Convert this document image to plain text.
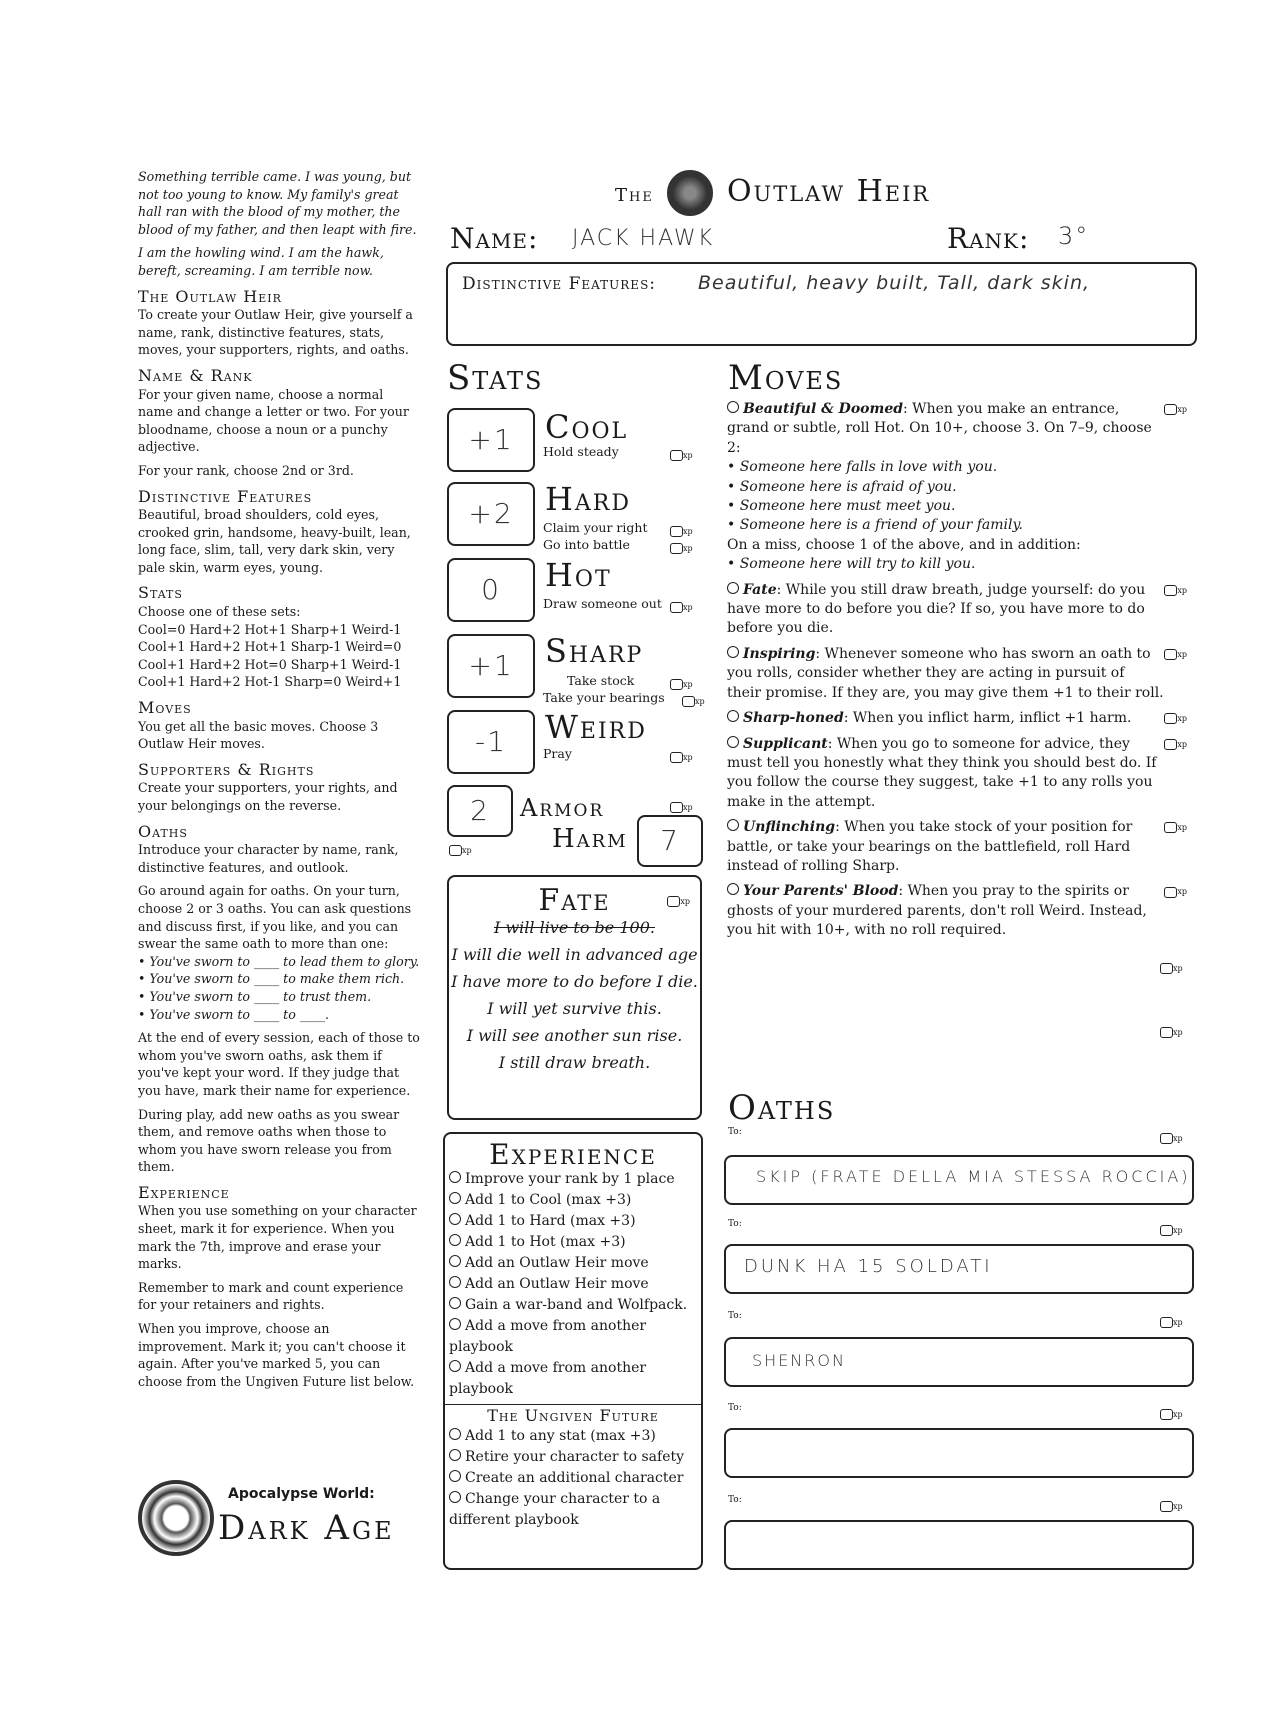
Something terrible came. I was young, but not too young to know. My family's great hall ran with the blood of my mother, the blood of my father, and then leapt with fire.

I am the howling wind. I am the hawk, bereft, screaming. I am terrible now.

The Outlaw Heir

To create your Outlaw Heir, give yourself a name, rank, distinctive features, stats, moves, your supporters, rights, and oaths.

Name & Rank

For your given name, choose a normal name and change a letter or two. For your bloodname, choose a noun or a punchy adjective.

For your rank, choose 2nd or 3rd.

Distinctive Features

Beautiful, broad shoulders, cold eyes, crooked grin, handsome, heavy-built, lean, long face, slim, tall, very dark skin, very pale skin, warm eyes, young.

Stats

Choose one of these sets:

Cool=0 Hard+2 Hot+1 Sharp+1 Weird-1
Cool+1 Hard+2 Hot+1 Sharp-1 Weird=0
Cool+1 Hard+2 Hot=0 Sharp+1 Weird-1
Cool+1 Hard+2 Hot-1 Sharp=0 Weird+1
Moves

You get all the basic moves. Choose 3 Outlaw Heir moves.

Supporters & Rights

Create your supporters, your rights, and your belongings on the reverse.

Oaths

Introduce your character by name, rank, distinctive features, and outlook.

Go around again for oaths. On your turn, choose 2 or 3 oaths. You can ask questions and discuss first, if you like, and you can swear the same oath to more than one:

• You've sworn to ____ to lead them to glory.

• You've sworn to ____ to make them rich.

• You've sworn to ____ to trust them.

• You've sworn to ____ to ____.

At the end of every session, each of those to whom you've sworn oaths, ask them if you've kept your word. If they judge that you have, mark their name for experience.

During play, add new oaths as you swear them, and remove oaths when those to whom you have sworn release you from them.

Experience

When you use something on your character sheet, mark it for experience. When you mark the 7th, improve and erase your marks.

Remember to mark and count experience for your retainers and rights.

When you improve, choose an improvement. Mark it; you can't choose it again. After you've marked 5, you can choose from the Ungiven Future list below.

Apocalypse World:
Dark Age
The Outlaw Heir
Name: JACK HAWK	Rank: 3°
Distinctive Features: Beautiful, heavy built, Tall, dark skin,
Stats
+1 Cool
Hold steady	xp
+2 Hard
Claim your right
Go into battle
xp
xp
0	Hot
Draw someone out	xp
+1 Sharp
Take stock
Take your bearings
xp
xp
-1	Weird
Pray	xp
2	Armor	xp
xp	Harm	7
Fate	xp
I will live to be 100.
I will die well in advanced age
I have more to do before I die.
I will yet survive this.
I will see another sun rise.
I still draw breath.
Experience
Improve your rank by 1 place
Add 1 to Cool (max +3)
Add 1 to Hard (max +3)
Add 1 to Hot (max +3)
Add an Outlaw Heir move
Add an Outlaw Heir move
Gain a war-band and Wolfpack.
Add a move from another playbook
Add a move from another playbook
The Ungiven Future
Add 1 to any stat (max +3)
Retire your character to safety
Create an additional character
Change your character to a different playbook
Moves

xp
Beautiful & Doomed: When you make an entrance, grand or subtle, roll Hot. On 10+, choose 3. On 7–9, choose 2:
• Someone here falls in love with you.
• Someone here is afraid of you.
• Someone here must meet you.
• Someone here is a friend of your family.
On a miss, choose 1 of the above, and in addition:
• Someone here will try to kill you.

xp
Fate: While you still draw breath, judge yourself: do you have more to do before you die? If so, you have more to do before you die.

xp
Inspiring: Whenever someone who has sworn an oath to you rolls, consider whether they are acting in pursuit of their promise. If they are, you may give them +1 to their roll.

xp
Sharp-honed: When you inflict harm, inflict +1 harm.

xp
Supplicant: When you go to someone for advice, they must tell you honestly what they think you should best do. If you follow the course they suggest, take +1 to any rolls you make in the attempt.

xp
Unflinching: When you take stock of your position for battle, or take your bearings on the battlefield, roll Hard instead of rolling Sharp.

xp
Your Parents' Blood: When you pray to the spirits or ghosts of your murdered parents, don't roll Weird. Instead, you hit with 10+, with no roll required.

xp
xp
Oaths
To:
xp
SKIP (FRATE DELLA MIA STESSA ROCCIA)
To:
xp
DUNK HA 15 SOLDATI
To:
xp
SHENRON
To:
xp
To:
xp
